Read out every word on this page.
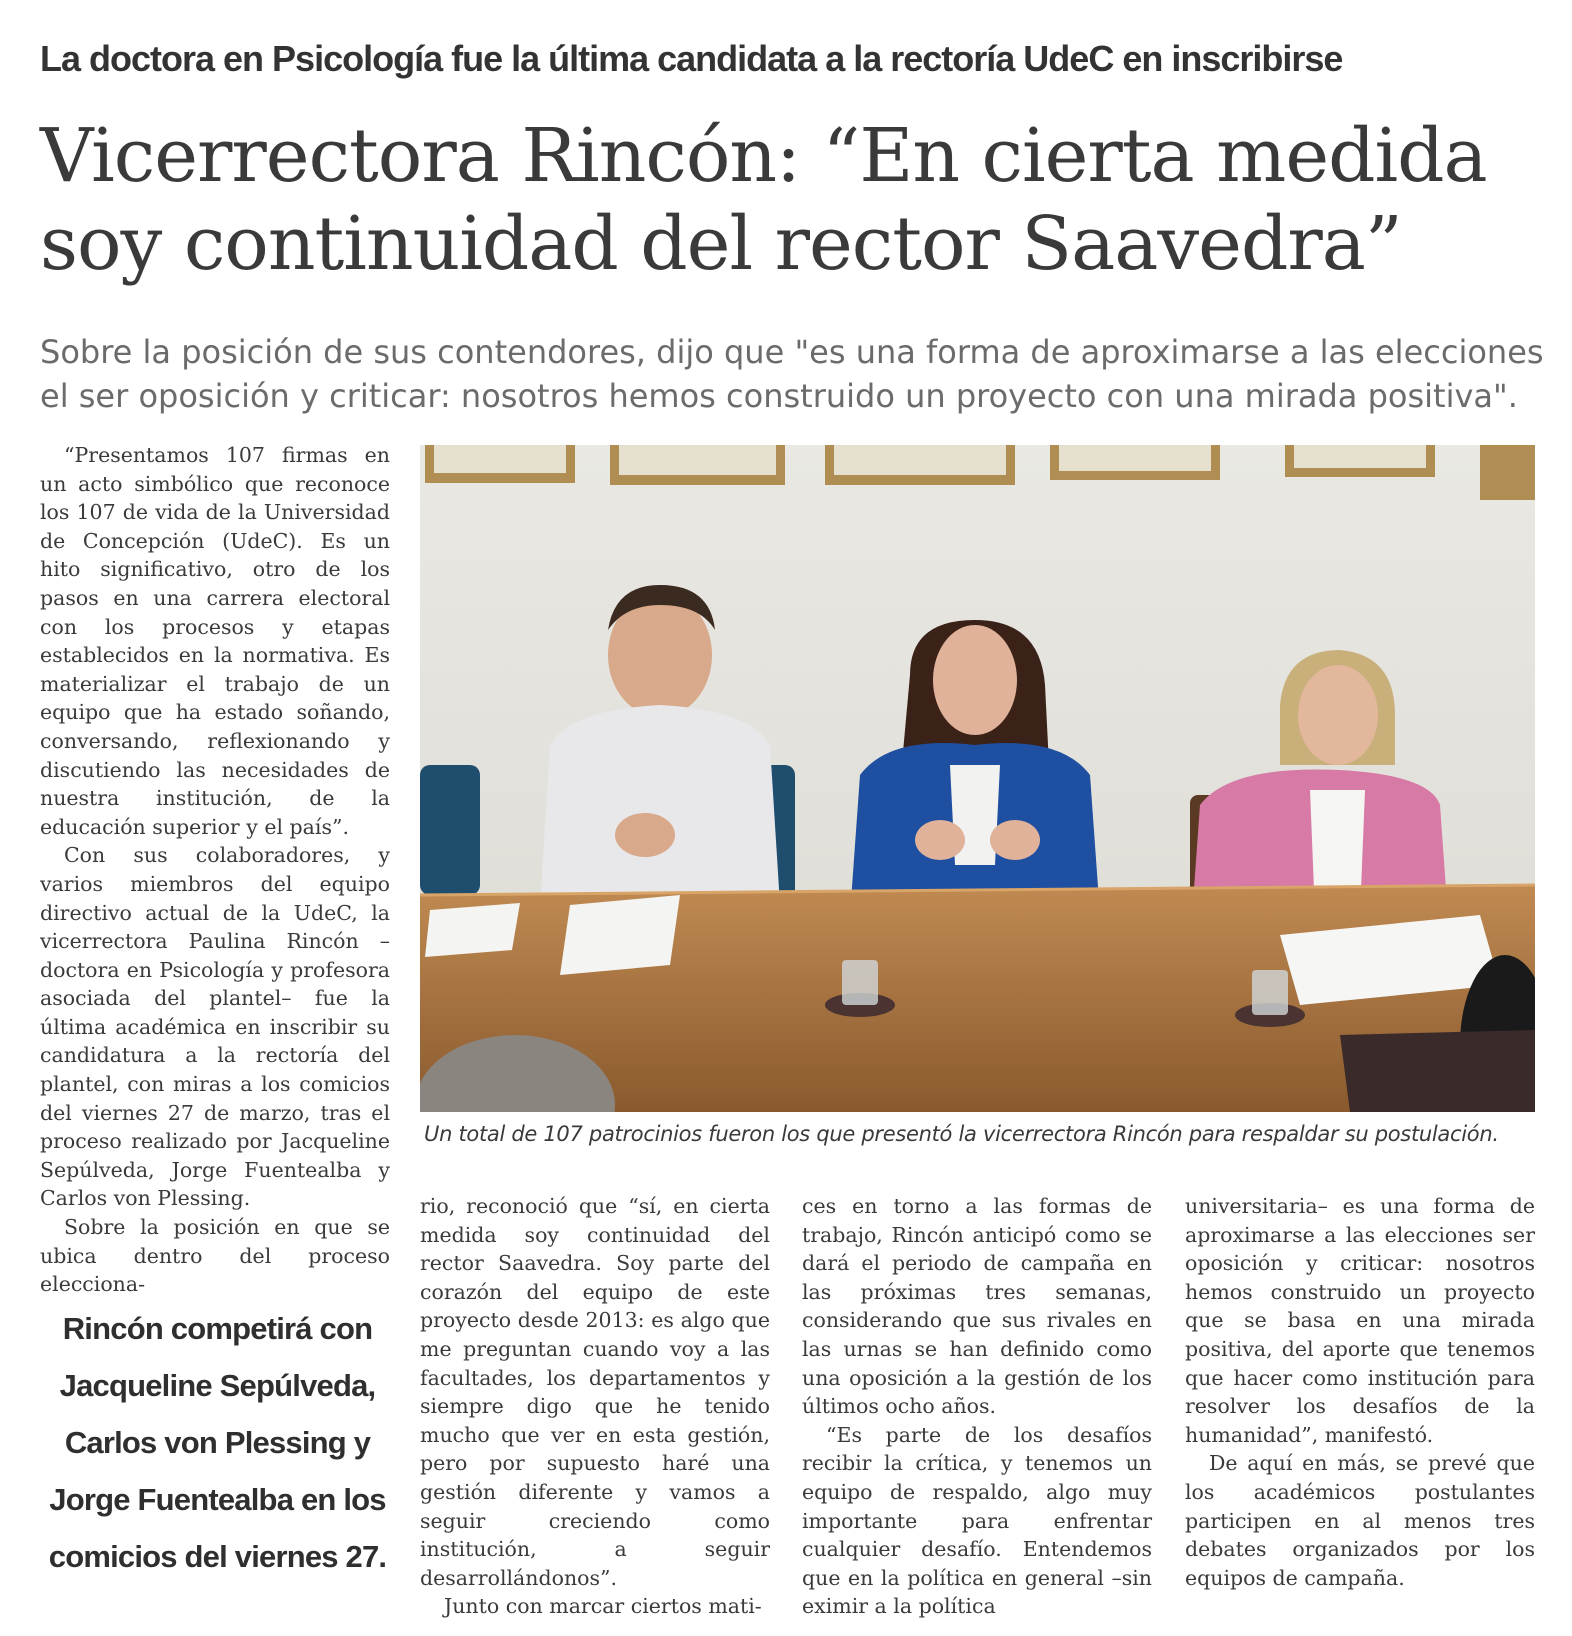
La doctora en Psicología fue la última candidata a la rectoría UdeC en inscribirse
Vicerrectora Rincón: “En cierta medida
soy continuidad del rector Saavedra”
Sobre la posición de sus contendores, dijo que "es una forma de aproximarse a las elecciones
el ser oposición y criticar: nosotros hemos construido un proyecto con una mirada positiva".

“Presentamos 107 firmas en un acto simbólico que reconoce los 107 de vida de la Universidad de Concepción (UdeC). Es un hito significativo, otro de los pasos en una carrera electoral con los procesos y etapas establecidos en la normativa. Es materializar el trabajo de un equipo que ha estado soñando, conversando, reflexionando y discutiendo las necesidades de nuestra institución, de la educación superior y el país”.

Con sus colaboradores, y varios miembros del equipo directivo actual de la UdeC, la vicerrectora Paulina Rincón –doctora en Psicología y profesora asociada del plantel– fue la última académica en inscribir su candidatura a la rectoría del plantel, con miras a los comicios del viernes 27 de marzo, tras el proceso realizado por Jacqueline Sepúlveda, Jorge Fuentealba y Carlos von Plessing.

Sobre la posición en que se ubica dentro del proceso elecciona-

Un total de 107 patrocinios fueron los que presentó la vicerrectora Rincón para respaldar su postulación.
Rincón competirá con Jacqueline Sepúlveda, Carlos von Plessing y Jorge Fuentealba en los comicios del viernes 27.

rio, reconoció que “sí, en cierta medida soy continuidad del rector Saavedra. Soy parte del corazón del equipo de este proyecto desde 2013: es algo que me preguntan cuando voy a las facultades, los departamentos y siempre digo que he tenido mucho que ver en esta gestión, pero por supuesto haré una gestión diferente y vamos a seguir creciendo como institución, a seguir desarrollándonos”.

Junto con marcar ciertos mati-

ces en torno a las formas de trabajo, Rincón anticipó como se dará el periodo de campaña en las próximas tres semanas, considerando que sus rivales en las urnas se han definido como una oposición a la gestión de los últimos ocho años.

“Es parte de los desafíos recibir la crítica, y tenemos un equipo de respaldo, algo muy importante para enfrentar cualquier desafío. Entendemos que en la política en general –sin eximir a la política

universitaria– es una forma de aproximarse a las elecciones ser oposición y criticar: nosotros hemos construido un proyecto que se basa en una mirada positiva, del aporte que tenemos que hacer como institución para resolver los desafíos de la humanidad”, manifestó.

De aquí en más, se prevé que los académicos postulantes participen en al menos tres debates organizados por los equipos de campaña.
